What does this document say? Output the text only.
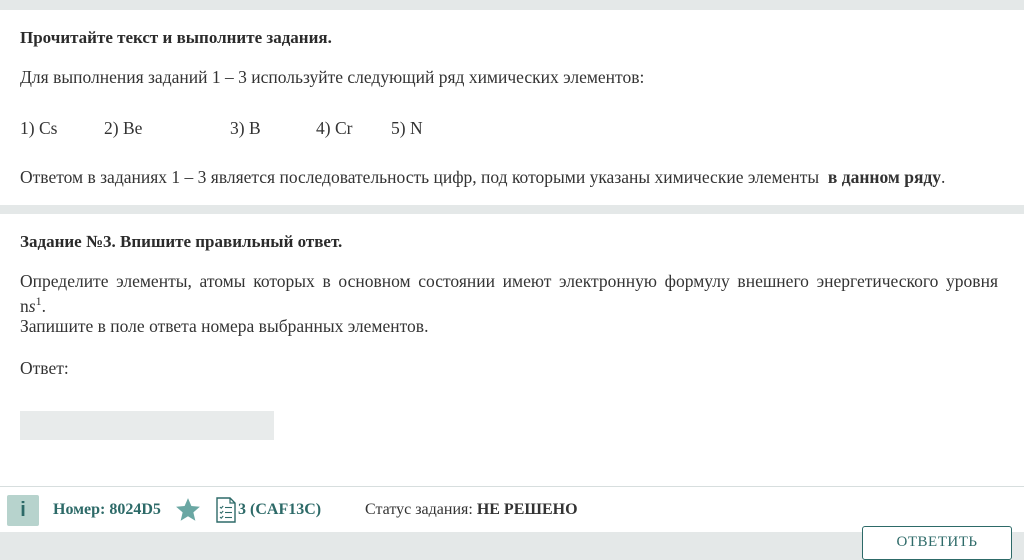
Прочитайте текст и выполните задания.
Для выполнения заданий 1 – 3 используйте следующий ряд химических элементов:
1) Cs	2) Be	3) B	4) Cr 5) N
Ответом в заданиях 1 – 3 является последовательность цифр, под которыми указаны химические элементы в данном ряду.
Задание №3. Впишите правильный ответ.
Определите элементы, атомы которых в основном состоянии имеют электронную формулу внешнего энергетического уровня
$ns^1$.
Запишите в поле ответа номера выбранных элементов.
Ответ:
i	Номер: 8024D5	3 (CAF13C)	Статус задания: НЕ РЕШЕНО
ОТВЕТИТЬ
